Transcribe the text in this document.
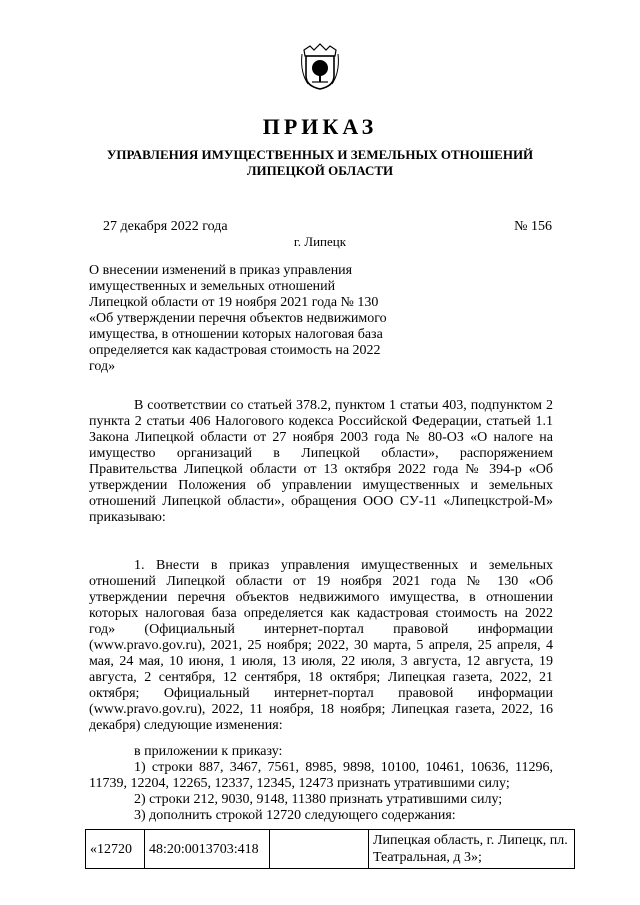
ПРИКАЗ
УПРАВЛЕНИЯ ИМУЩЕСТВЕННЫХ И ЗЕМЕЛЬНЫХ ОТНОШЕНИЙ
ЛИПЕЦКОЙ ОБЛАСТИ
27 декабря 2022 года
г. Липецк
№ 156

О внесении изменений в приказ управления имущественных и земельных отношений Липецкой области от 19 ноября 2021 года № 130 «Об утверждении перечня объектов недвижимого имущества, в отношении которых налоговая база определяется как кадастровая стоимость на 2022 год»

В соответствии со статьей 378.2, пунктом 1 статьи 403, подпунктом 2 пункта 2 статьи 406 Налогового кодекса Российской Федерации, статьей 1.1 Закона Липецкой области от 27 ноября 2003 года № 80-ОЗ «О налоге на имущество организаций в Липецкой области», распоряжением Правительства Липецкой области от 13 октября 2022 года № 394-р «Об утверждении Положения об управлении имущественных и земельных отношений Липецкой области», обращения ООО СУ-11 «Липецкстрой-М» приказываю:

1. Внести в приказ управления имущественных и земельных отношений Липецкой области от 19 ноября 2021 года № 130 «Об утверждении перечня объектов недвижимого имущества, в отношении которых налоговая база определяется как кадастровая стоимость на 2022 год» (Официальный интернет-портал правовой информации (www.pravo.gov.ru), 2021, 25 ноября; 2022, 30 марта, 5 апреля, 25 апреля, 4 мая, 24 мая, 10 июня, 1 июля, 13 июля, 22 июля, 3 августа, 12 августа, 19 августа, 2 сентября, 12 сентября, 18 октября; Липецкая газета, 2022, 21 октября; Официальный интернет-портал правовой информации (www.pravo.gov.ru), 2022, 11 ноября, 18 ноября; Липецкая газета, 2022, 16 декабря) следующие изменения:

в приложении к приказу:

1) строки 887, 3467, 7561, 8985, 9898, 10100, 10461, 10636, 11296, 11739, 12204, 12265, 12337, 12345, 12473 признать утратившими силу;

2) строки 212, 9030, 9148, 11380 признать утратившими силу;

3) дополнить строкой 12720 следующего содержания:

«12720	48:20:0013703:418		Липецкая область, г. Липецк, пл. Театральная, д 3»;
